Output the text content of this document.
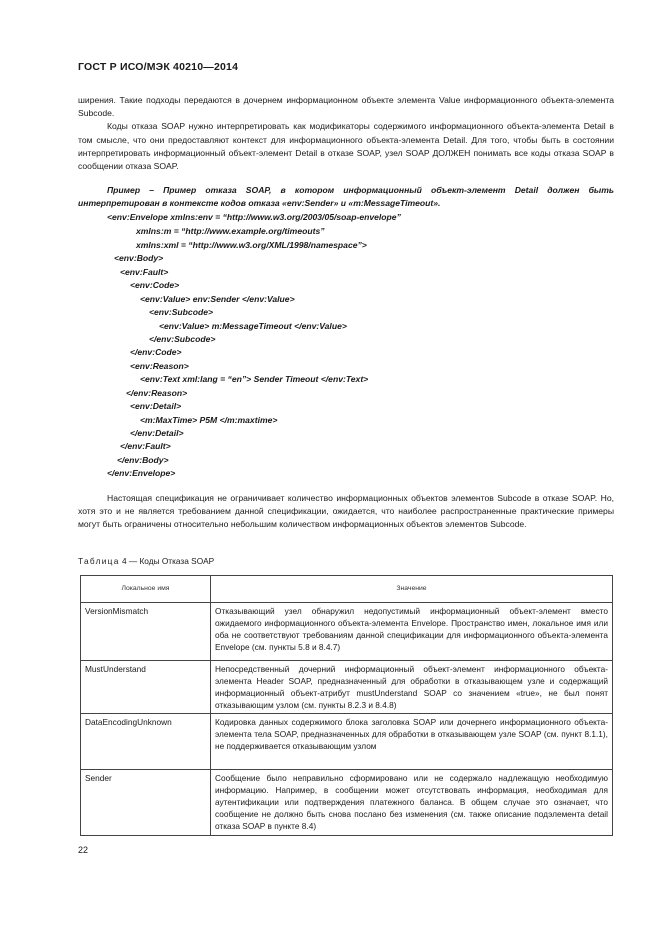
ГОСТ Р ИСО/МЭК 40210—2014

ширения. Такие подходы передаются в дочернем информационном объекте элемента Value информационного объекта-элемента Subcode.

Коды отказа SOAP нужно интерпретировать как модификаторы содержимого информационного объекта-элемента Detail в том смысле, что они предоставляют контекст для информационного объекта-элемента Detail. Для того, чтобы быть в состоянии интерпретировать информационный объект-элемент Detail в отказе SOAP, узел SOAP ДОЛЖЕН понимать все коды отказа SOAP в сообщении отказа SOAP.

Пример – Пример отказа SOAP, в котором информационный объект-элемент Detail должен быть интерпретирован в контексте кодов отказа «env:Sender» и «m:MessageTimeout».

<env:Envelope xmlns:env = “http://www.w3.org/2003/05/soap-envelope”
xmlns:m = “http://www.example.org/timeouts”
xmlns:xml = “http://www.w3.org/XML/1998/namespace”>
<env:Body>
<env:Fault>
<env:Code>
<env:Value> env:Sender </env:Value>
<env:Subcode>
<env:Value> m:MessageTimeout </env:Value>
</env:Subcode>
</env:Code>
<env:Reason>
<env:Text xml:lang = “en”> Sender Timeout </env:Text>
</env:Reason>
<env:Detail>
<m:MaxTime> P5M </m:maxtime>
</env:Detail>
</env:Fault>
</env:Body>
</env:Envelope>

Настоящая спецификация не ограничивает количество информационных объектов элементов Subcode в отказе SOAP. Но, хотя это и не является требованием данной спецификации, ожидается, что наиболее распространенные практические примеры могут быть ограничены относительно небольшим количеством информационных объектов элементов Subcode.

Таблица 4 — Коды Отказа SOAP
Локальное имя	Значение
VersionMismatch	Отказывающий узел обнаружил недопустимый информационный объект-элемент вместо ожидаемого информационного объекта-элемента Envelope. Пространство имен, локальное имя или оба не соответствуют требованиям данной спецификации для информационного объекта-элемента Envelope (см. пункты 5.8 и 8.4.7)
MustUnderstand	Непосредственный дочерний информационный объект-элемент информационного объекта-элемента Header SOAP, предназначенный для обработки в отказывающем узле и содержащий информационный объект-атрибут mustUnderstand SOAP со значением «true», не был понят отказывающим узлом (см. пункты 8.2.3 и 8.4.8)
DataEncodingUnknown	Кодировка данных содержимого блока заголовка SOAP или дочернего информационного объекта-элемента тела SOAP, предназначенных для обработки в отказывающем узле SOAP (см. пункт 8.1.1), не поддерживается отказывающим узлом
Sender	Сообщение было неправильно сформировано или не содержало надлежащую необходимую информацию. Например, в сообщении может отсутствовать информация, необходимая для аутентификации или подтверждения платежного баланса. В общем случае это означает, что сообщение не должно быть снова послано без изменения (см. также описание подэлемента detail отказа SOAP в пункте 8.4)
22
